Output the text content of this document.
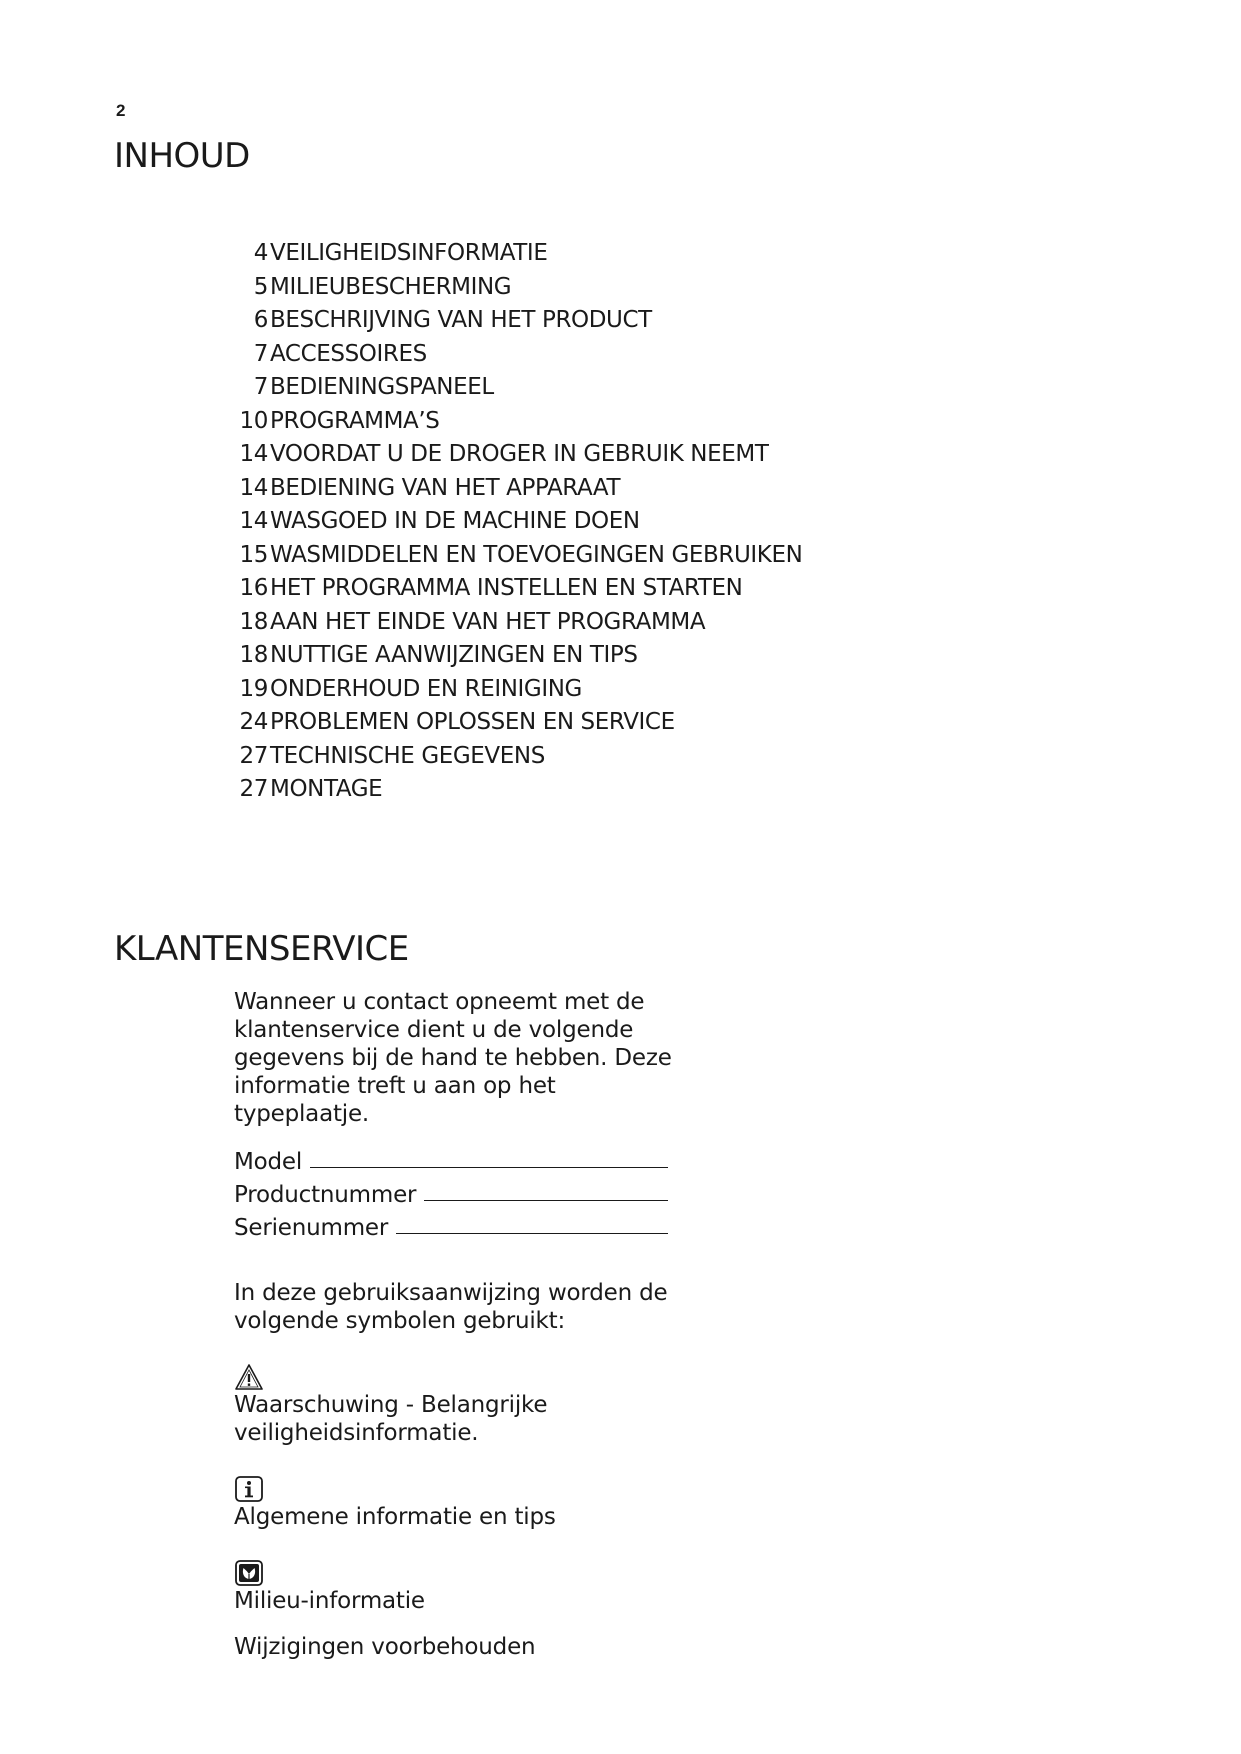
2
INHOUD
4VEILIGHEIDSINFORMATIE
5MILIEUBESCHERMING
6BESCHRIJVING VAN HET PRODUCT
7ACCESSOIRES
7BEDIENINGSPANEEL
10PROGRAMMA’S
14VOORDAT U DE DROGER IN GEBRUIK NEEMT
14BEDIENING VAN HET APPARAAT
14WASGOED IN DE MACHINE DOEN
15WASMIDDELEN EN TOEVOEGINGEN GEBRUIKEN
16HET PROGRAMMA INSTELLEN EN STARTEN
18AAN HET EINDE VAN HET PROGRAMMA
18NUTTIGE AANWIJZINGEN EN TIPS
19ONDERHOUD EN REINIGING
24PROBLEMEN OPLOSSEN EN SERVICE
27TECHNISCHE GEGEVENS
27MONTAGE
KLANTENSERVICE

Wanneer u contact opneemt met de
klantenservice dient u de volgende
gegevens bij de hand te hebben. Deze
informatie treft u aan op het
typeplaatje.

Model
Productnummer
Serienummer

In deze gebruiksaanwijzing worden de
volgende symbolen gebruikt:

Waarschuwing - Belangrijke
veiligheidsinformatie.

Algemene informatie en tips

Milieu-informatie

Wijzigingen voorbehouden
